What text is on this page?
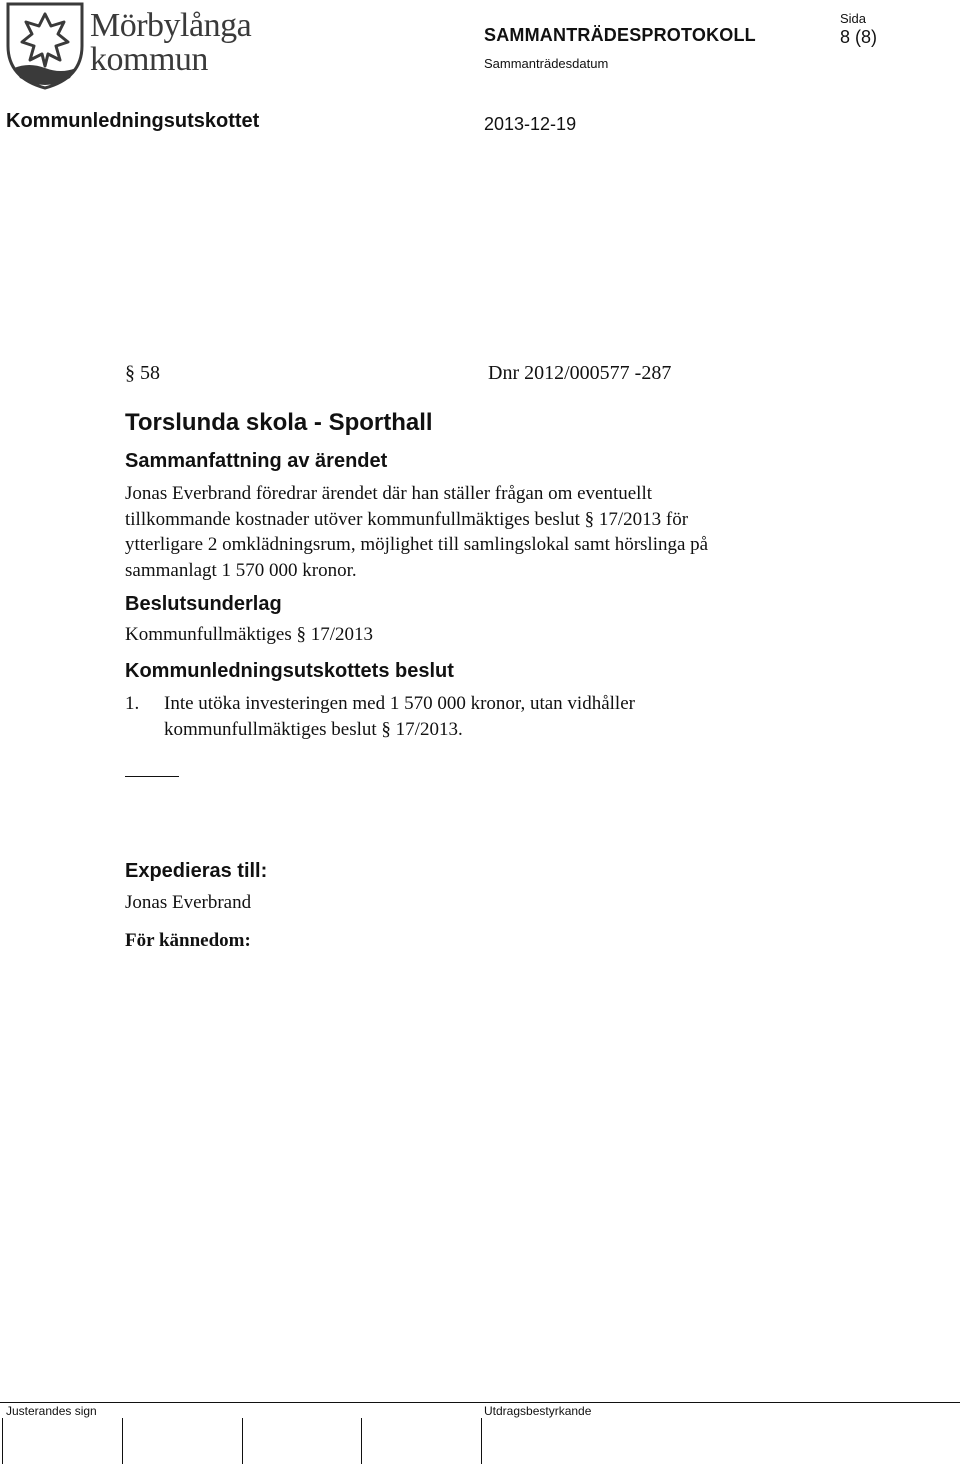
Mörbylånga
kommun
SAMMANTRÄDESPROTOKOLL
Sammanträdesdatum
Sida
8 (8)
Kommunledningsutskottet	2013-12-19
§ 58	Dnr 2012/000577 -287
Torslunda skola - Sporthall
Sammanfattning av ärendet
Jonas Everbrand föredrar ärendet där han ställer frågan om eventuellt
tillkommande kostnader utöver kommunfullmäktiges beslut § 17/2013 för
ytterligare 2 omklädningsrum, möjlighet till samlingslokal samt hörslinga på
sammanlagt 1 570 000 kronor.
Beslutsunderlag
Kommunfullmäktiges § 17/2013
Kommunledningsutskottets beslut
1. Inte utöka investeringen med 1 570 000 kronor, utan vidhåller
kommunfullmäktiges beslut § 17/2013.
Expedieras till:
Jonas Everbrand
För kännedom:
Justerandes sign	Utdragsbestyrkande
